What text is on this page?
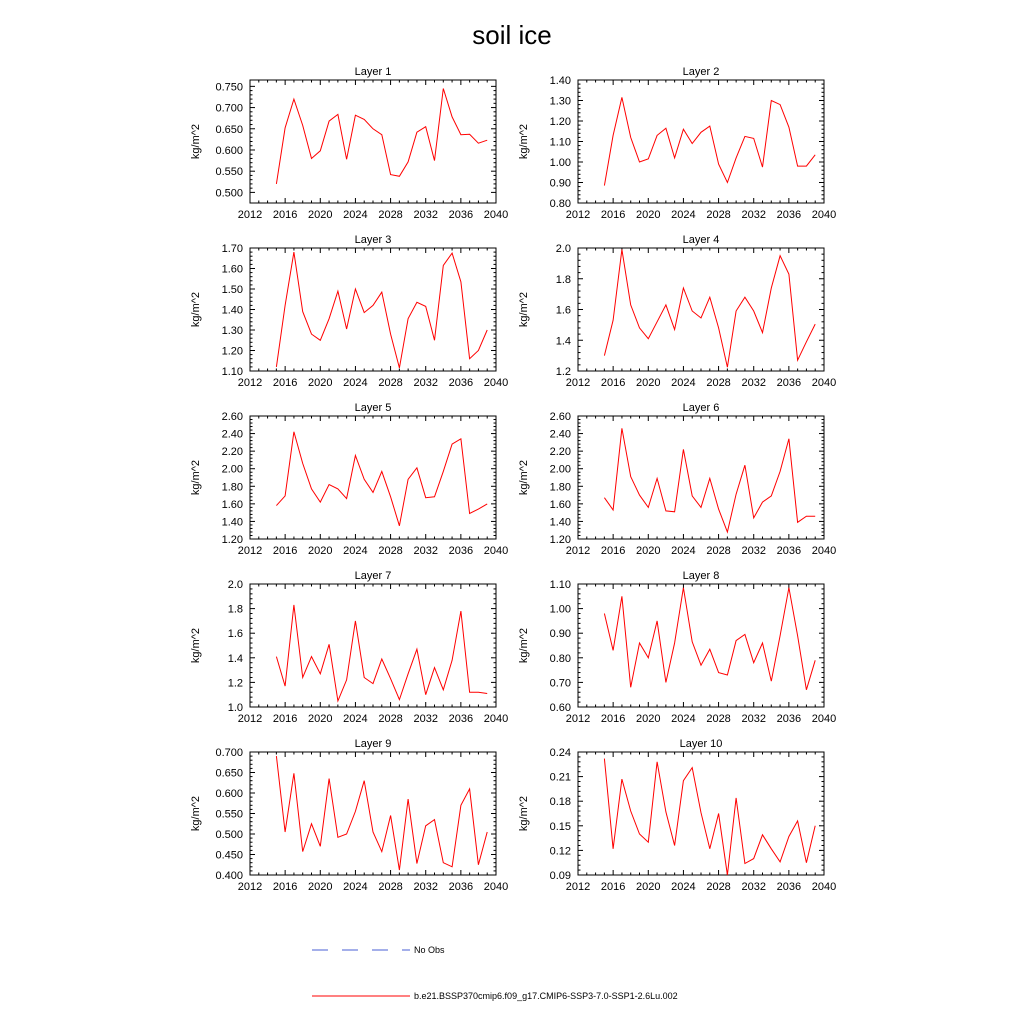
soil ice
Layer 1
kg/m^2
2012 2016 2020 2024 2028 2032 2036 2040
0.500
0.550
0.600
0.650
0.700
0.750
Layer 2
kg/m^2
2012 2016 2020 2024 2028 2032 2036 2040
0.80
0.90
1.00
1.10
1.20
1.30
1.40
Layer 3
kg/m^2
2012 2016 2020 2024 2028 2032 2036 2040
1.10
1.20
1.30
1.40
1.50
1.60
1.70
Layer 4
kg/m^2
2012 2016 2020 2024 2028 2032 2036 2040
1.2
1.4
1.6
1.8
2.0
Layer 5
kg/m^2
2012 2016 2020 2024 2028 2032 2036 2040
1.20
1.40
1.60
1.80
2.00
2.20
2.40
2.60
Layer 6
kg/m^2
2012 2016 2020 2024 2028 2032 2036 2040
1.20
1.40
1.60
1.80
2.00
2.20
2.40
2.60
Layer 7
kg/m^2
2012 2016 2020 2024 2028 2032 2036 2040
1.0
1.2
1.4
1.6
1.8
2.0
Layer 8
kg/m^2
2012 2016 2020 2024 2028 2032 2036 2040
0.60
0.70
0.80
0.90
1.00
1.10
Layer 9
kg/m^2
2012 2016 2020 2024 2028 2032 2036 2040
0.400
0.450
0.500
0.550
0.600
0.650
0.700
Layer 10
kg/m^2
2012 2016 2020 2024 2028 2032 2036 2040
0.09
0.12
0.15
0.18
0.21
0.24
No Obs
b.e21.BSSP370cmip6.f09_g17.CMIP6-SSP3-7.0-SSP1-2.6Lu.002
